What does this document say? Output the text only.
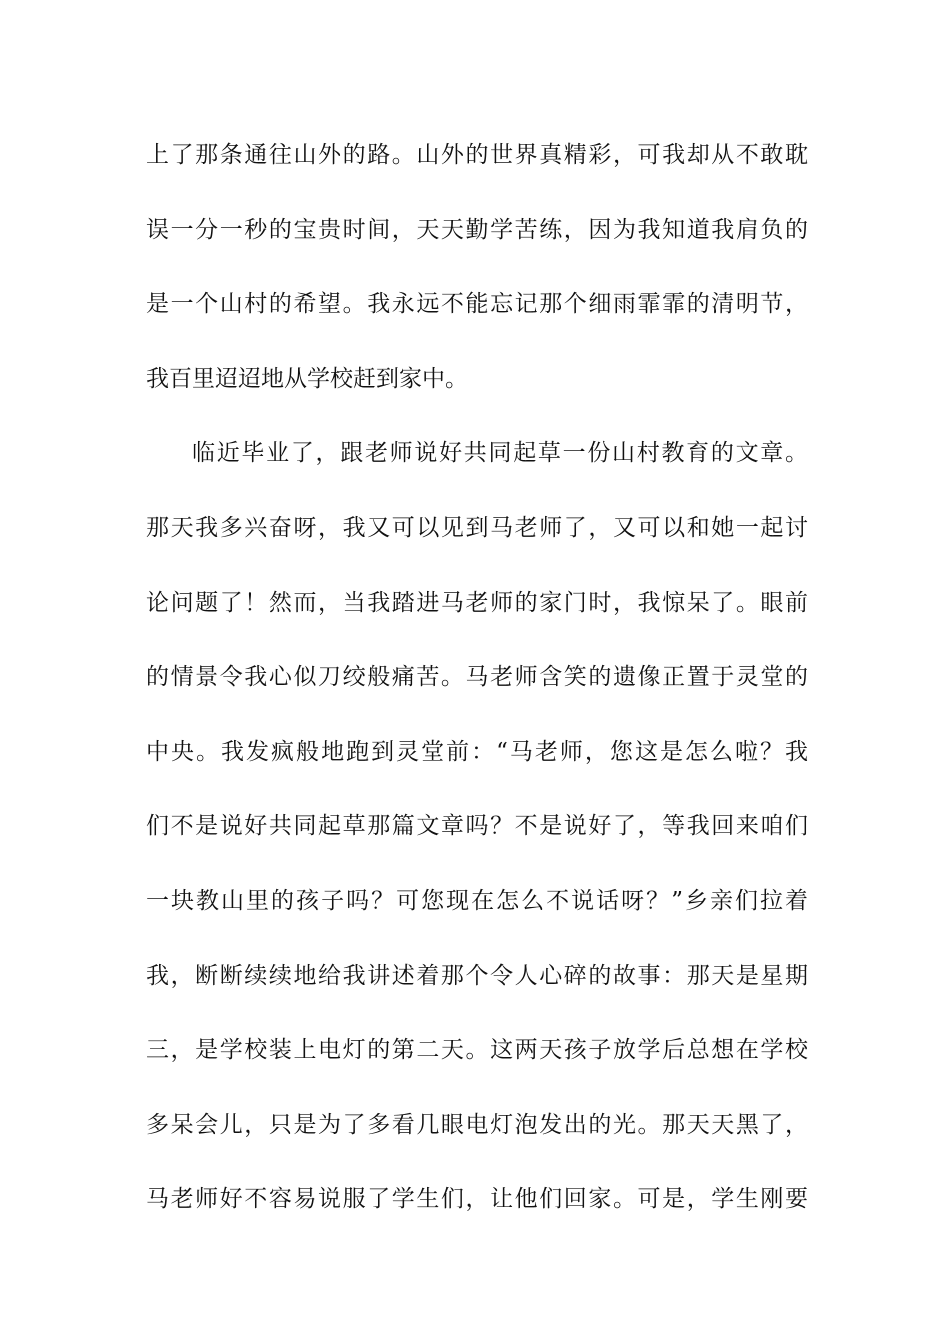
上了那条通往山外的路。山外的世界真精彩，可我却从不敢耽
误一分一秒的宝贵时间，天天勤学苦练，因为我知道我肩负的
是一个山村的希望。我永远不能忘记那个细雨霏霏的清明节，
我百里迢迢地从学校赶到家中。
临近毕业了，跟老师说好共同起草一份山村教育的文章。
那天我多兴奋呀，我又可以见到马老师了，又可以和她一起讨
论问题了！然而，当我踏进马老师的家门时，我惊呆了。眼前
的情景令我心似刀绞般痛苦。马老师含笑的遗像正置于灵堂的
中央。我发疯般地跑到灵堂前：“马老师，您这是怎么啦？我
们不是说好共同起草那篇文章吗？不是说好了，等我回来咱们
一块教山里的孩子吗？可您现在怎么不说话呀？”乡亲们拉着
我，断断续续地给我讲述着那个令人心碎的故事：那天是星期
三，是学校装上电灯的第二天。这两天孩子放学后总想在学校
多呆会儿，只是为了多看几眼电灯泡发出的光。那天天黑了，
马老师好不容易说服了学生们，让他们回家。可是，学生刚要
